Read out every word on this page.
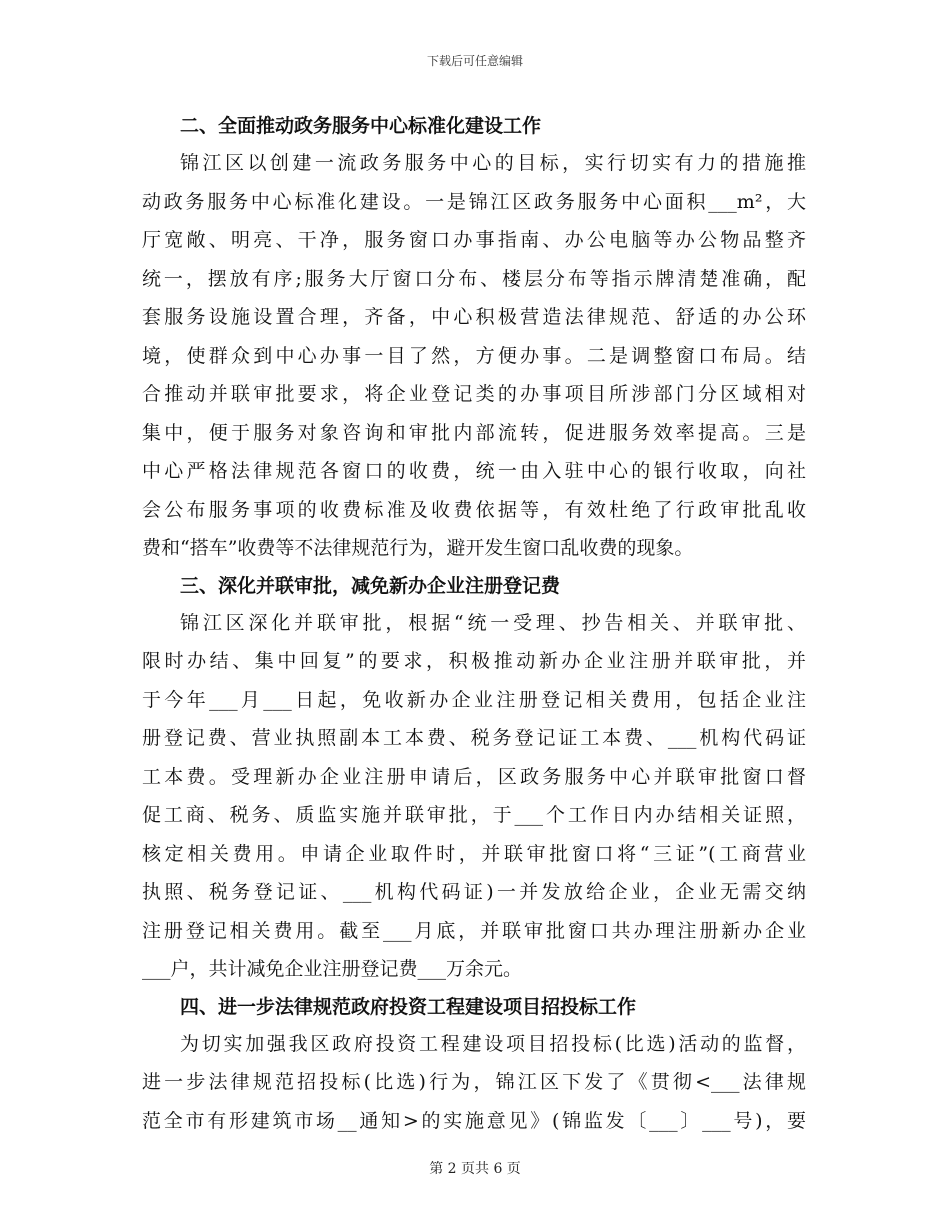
下载后可任意编辑
二、全面推动政务服务中心标准化建设工作
锦江区以创建一流政务服务中心的目标，实行切实有力的措施推
动政务服务中心标准化建设。一是锦江区政务服务中心面积___m²，大
厅宽敞、明亮、干净，服务窗口办事指南、办公电脑等办公物品整齐
统一，摆放有序;服务大厅窗口分布、楼层分布等指示牌清楚准确，配
套服务设施设置合理，齐备，中心积极营造法律规范、舒适的办公环
境，使群众到中心办事一目了然，方便办事。二是调整窗口布局。结
合推动并联审批要求，将企业登记类的办事项目所涉部门分区域相对
集中，便于服务对象咨询和审批内部流转，促进服务效率提高。三是
中心严格法律规范各窗口的收费，统一由入驻中心的银行收取，向社
会公布服务事项的收费标准及收费依据等，有效杜绝了行政审批乱收
费和“搭车”收费等不法律规范行为，避开发生窗口乱收费的现象。
三、深化并联审批，减免新办企业注册登记费
锦江区深化并联审批，根据“统一受理、抄告相关、并联审批、
限时办结、集中回复”的要求，积极推动新办企业注册并联审批，并
于今年___月___日起，免收新办企业注册登记相关费用，包括企业注
册登记费、营业执照副本工本费、税务登记证工本费、___机构代码证
工本费。受理新办企业注册申请后，区政务服务中心并联审批窗口督
促工商、税务、质监实施并联审批，于___个工作日内办结相关证照，
核定相关费用。申请企业取件时，并联审批窗口将“三证”(工商营业
执照、税务登记证、___机构代码证)一并发放给企业，企业无需交纳
注册登记相关费用。截至___月底，并联审批窗口共办理注册新办企业
___户，共计减免企业注册登记费___万余元。
四、进一步法律规范政府投资工程建设项目招投标工作
为切实加强我区政府投资工程建设项目招投标(比选)活动的监督，
进一步法律规范招投标(比选)行为，锦江区下发了《贯彻<___法律规
范全市有形建筑市场__通知>的实施意见》(锦监发〔___〕___号)，要
第 2 页共 6 页
